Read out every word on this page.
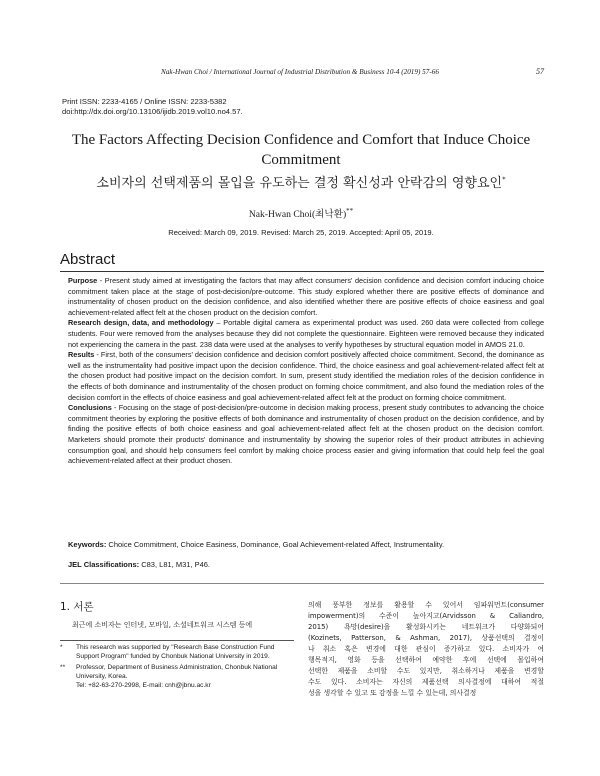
Nak-Hwan Choi / International Journal of Industrial Distribution & Business 10-4 (2019) 57-66	57
Print ISSN: 2233-4165 / Online ISSN: 2233-5382
doi:http://dx.doi.org/10.13106/ijidb.2019.vol10.no4.57.
The Factors Affecting Decision Confidence and Comfort that Induce Choice Commitment
소비자의 선택제품의 몰입을 유도하는 결정 확신성과 안락감의 영향요인*
Nak-Hwan Choi(최낙환)**
Received: March 09, 2019. Revised: March 25, 2019. Accepted: April 05, 2019.
Abstract

Purpose - Present study aimed at investigating the factors that may affect consumers' decision confidence and decision comfort inducing choice commitment taken place at the stage of post-decision/pre-outcome. This study explored whether there are positive effects of dominance and instrumentality of chosen product on the decision confidence, and also identified whether there are positive effects of choice easiness and goal achievement-related affect felt at the chosen product on the decision comfort.

Research design, data, and methodology – Portable digital camera as experimental product was used. 260 data were collected from college students. Four were removed from the analyses because they did not complete the questionnaire. Eighteen were removed because they indicated not experiencing the camera in the past. 238 data were used at the analyses to verify hypotheses by structural equation model in AMOS 21.0.

Results - First, both of the consumers' decision confidence and decision comfort positively affected choice commitment. Second, the dominance as well as the instrumentality had positive impact upon the decision confidence. Third, the choice easiness and goal achievement-related affect felt at the chosen product had positive impact on the decision comfort. In sum, present study identified the mediation roles of the decision confidence in the effects of both dominance and instrumentality of the chosen product on forming choice commitment, and also found the mediation roles of the decision comfort in the effects of choice easiness and goal achievement-related affect felt at the product on forming choice commitment.

Conclusions - Focusing on the stage of post-decision/pre-outcome in decision making process, present study contributes to advancing the choice commitment theories by exploring the positive effects of both dominance and instrumentality of chosen product on the decision confidence, and by finding the positive effects of both choice easiness and goal achievement-related affect felt at the chosen product on the decision comfort. Marketers should promote their products' dominance and instrumentality by showing the superior roles of their product attributes in achieving consumption goal, and should help consumers feel comfort by making choice process easier and giving information that could help feel the goal achievement-related affect at their product chosen.

Keywords: Choice Commitment, Choice Easiness, Dominance, Goal Achievement-related Affect, Instrumentality.
JEL Classifications: C83, L81, M31, P46.
1. 서론
최근에 소비자는 인터넷, 모바일, 소셜네트워크 시스템 등에
* This research was supported by "Research Base Construction Fund Support Program" funded by Chonbuk National University in 2019.
** Professor, Department of Business Administration, Chonbuk National University, Korea.
Tel: +82-63-270-2998, E-mail: cnh@jbnu.ac.kr
의해 풍부한 정보를 활용할 수 있어서 임파워먼트(consumer
impowerment)의 수준이 높아지고(Arvidsson & Caliandro,
2015) 욕망(desire)을 활성화시키는 네트워크가 다양화되어
(Kozinets, Patterson, & Ashman, 2017), 상품선택의 결정이
나 취소 혹은 변경에 대한 관심이 증가하고 있다. 소비자가 여
행목적지, 영화 등을 선택하여 예약한 후에 선택에 몰입하여
선택한 제품을 소비할 수도 있지만, 취소하거나 제품을 변경할
수도 있다. 소비자는 자신의 제품선택 의사결정에 대하여 적절
성을 생각할 수 있고 또 감정을 느낄 수 있는데, 의사결정
